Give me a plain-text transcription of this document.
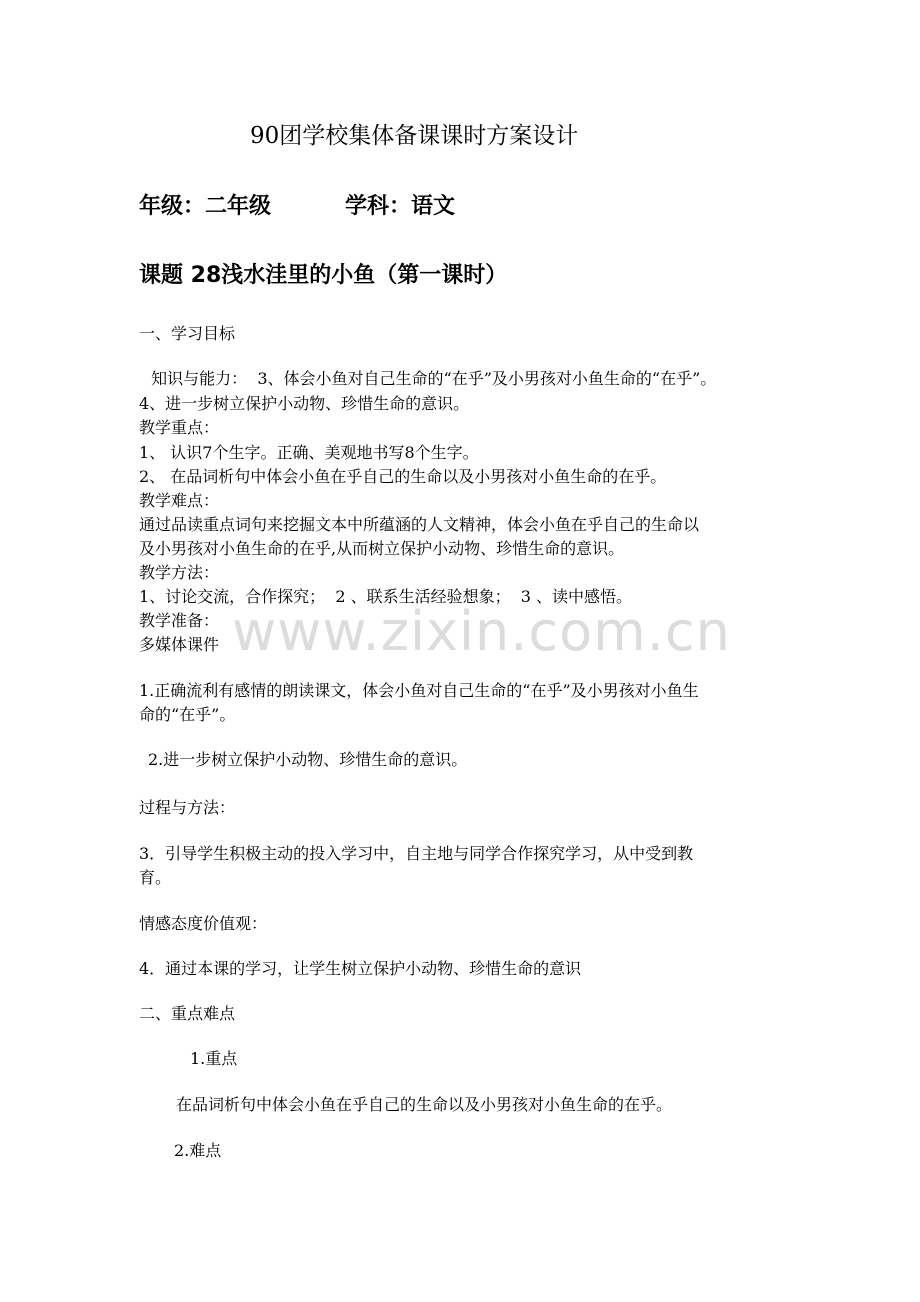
www.zixin.com.cn
90团学校集体备课课时方案设计
年级：二年级	学科：语文
课题 28浅水洼里的小鱼（第一课时）
一、学习目标
知识与能力：  3、体会小鱼对自己生命的“在乎”及小男孩对小鱼生命的“在乎”。
4、进一步树立保护小动物、珍惜生命的意识。
教学重点：
1、 认识7个生字。正确、美观地书写8个生字。
2、 在品词析句中体会小鱼在乎自己的生命以及小男孩对小鱼生命的在乎。
教学难点：
通过品读重点词句来挖掘文本中所蕴涵的人文精神，体会小鱼在乎自己的生命以
及小男孩对小鱼生命的在乎,从而树立保护小动物、珍惜生命的意识。
教学方法：
1、讨论交流，合作探究；  2 、联系生活经验想象；  3 、读中感悟。
教学准备：
多媒体课件
1.正确流利有感情的朗读课文，体会小鱼对自己生命的“在乎”及小男孩对小鱼生
命的“在乎”。
2.进一步树立保护小动物、珍惜生命的意识。
过程与方法：
3．引导学生积极主动的投入学习中，自主地与同学合作探究学习，从中受到教
育。
情感态度价值观：
4．通过本课的学习，让学生树立保护小动物、珍惜生命的意识
二、重点难点
1.重点
在品词析句中体会小鱼在乎自己的生命以及小男孩对小鱼生命的在乎。
2.难点
